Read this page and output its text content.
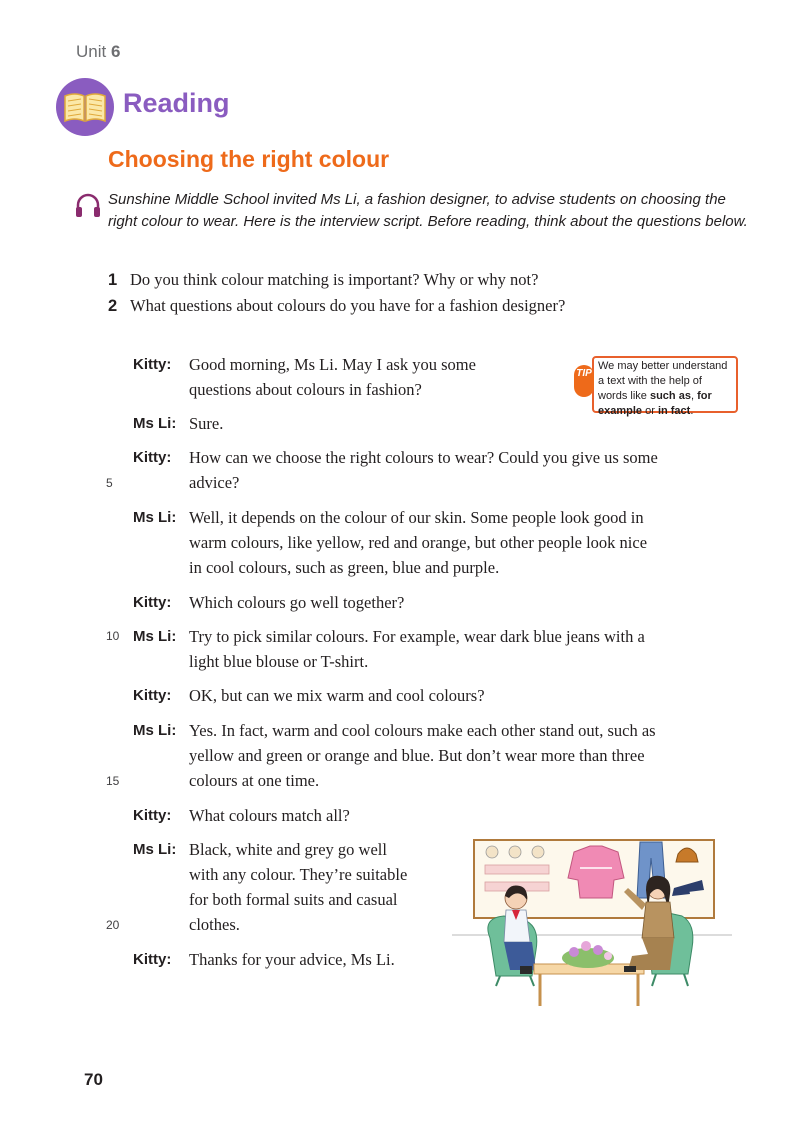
Unit 6
Reading
Choosing the right colour
Sunshine Middle School invited Ms Li, a fashion designer, to advise students on choosing the right colour to wear. Here is the interview script. Before reading, think about the questions below.
1 Do you think colour matching is important? Why or why not?
2 What questions about colours do you have for a fashion designer?
TIP
We may better understand a text with the help of words like such as, for example or in fact.
Kitty: Good morning, Ms Li. May I ask you some
questions about colours in fashion?
Ms Li: Sure.
Kitty: How can we choose the right colours to wear? Could you give us some
advice?
5
Ms Li: Well, it depends on the colour of our skin. Some people look good in
warm colours, like yellow, red and orange, but other people look nice
in cool colours, such as green, blue and purple.
Kitty: Which colours go well together?
10 Ms Li: Try to pick similar colours. For example, wear dark blue jeans with a
light blue blouse or T-shirt.
Kitty: OK, but can we mix warm and cool colours?
Ms Li: Yes. In fact, warm and cool colours make each other stand out, such as
yellow and green or orange and blue. But don’t wear more than three
colours at one time.
15
Kitty: What colours match all?
Ms Li: Black, white and grey go well
with any colour. They’re suitable
for both formal suits and casual
clothes.
20
Kitty: Thanks for your advice, Ms Li.
70
